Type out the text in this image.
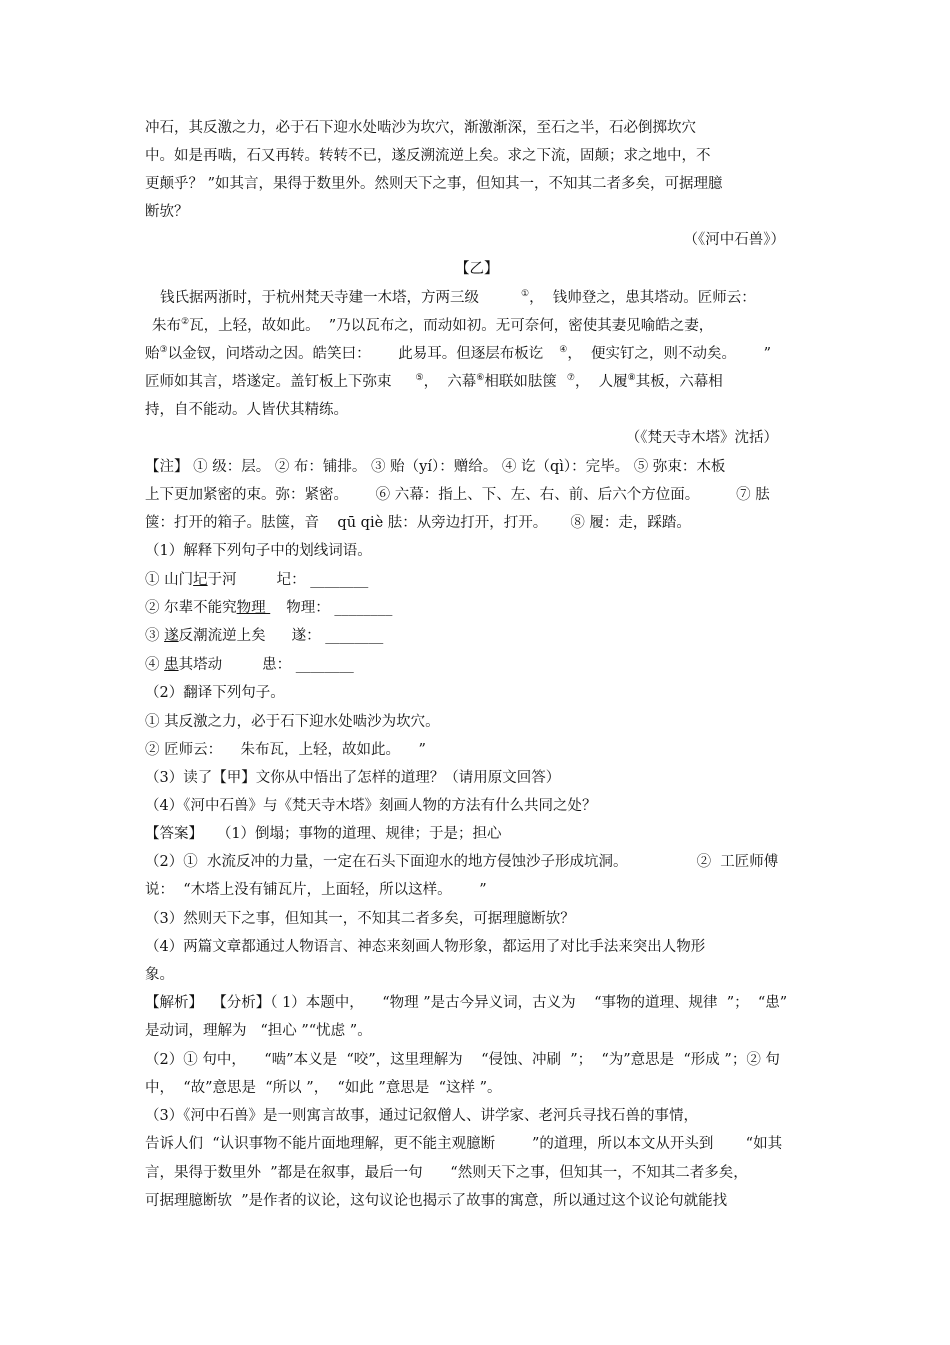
冲石，其反激之力，必于石下迎水处啮沙为坎穴，渐激渐深，至石之半，石必倒掷坎穴
中。如是再啮，石又再转。转转不已，遂反溯流逆上矣。求之下流，固颠；求之地中，不
更颠乎？ ”如其言，果得于数里外。然则天下之事，但知其一，不知其二者多矣，可据理臆
断欤？
（《河中石兽》）
【乙】
钱氏据两浙时，于杭州梵天寺建一木塔，方两三级	①，  钱帅登之，患其塔动。匠师云：
朱布②瓦，上轻，故如此。  ”乃以瓦布之，而动如初。无可奈何，密使其妻见喻皓之妻，
贻③以金钗，问塔动之因。皓笑曰：      此易耳。但逐层布板讫 ④，  便实钉之，则不动矣。      ”
匠师如其言，塔遂定。盖钉板上下弥束	⑤，  六幕⑥相联如胠箧 ⑦，  人履⑧其板，六幕相
持，自不能动。人皆伏其精练。
（《梵天寺木塔》沈括）
【注】 ① 级：层。 ② 布：铺排。 ③ 贻（yí）：赠给。 ④ 讫（qì）：完毕。 ⑤ 弥束：木板
上下更加紧密的束。弥：紧密。      ⑥ 六幕：指上、下、左、右、前、后六个方位面。        ⑦ 胠
箧：打开的箱子。胠箧，音    qū qiè 胠：从旁边打开，打开。     ⑧ 履：走，踩踏。
（1）解释下列句子中的划线词语。
① 山门圮于河	圮： ________
② 尔辈不能究物理 物理： ________
③ 遂反潮流逆上矣 遂： ________
④ 患其塔动	患： ________
（2）翻译下列句子。
① 其反激之力，必于石下迎水处啮沙为坎穴。
② 匠师云：    朱布瓦，上轻，故如此。    ”
（3）读了【甲】文你从中悟出了怎样的道理？（请用原文回答）
（4）《河中石兽》与《梵天寺木塔》刻画人物的方法有什么共同之处？
【答案】   （1）倒塌；事物的道理、规律；于是；担心
（2）①  水流反冲的力量，一定在石头下面迎水的地方侵蚀沙子形成坑洞。               ②  工匠师傅
说：  “木塔上没有铺瓦片，上面轻，所以这样。      ”
（3）然则天下之事，但知其一，不知其二者多矣，可据理臆断欤？
（4）两篇文章都通过人物语言、神态来刻画人物形象，都运用了对比手法来突出人物形
象。
【解析】  【分析】（ 1）本题中，    “物理 ”是古今异义词，古义为    “事物的道理、规律  ”；  “患”
是动词，理解为   “担心 ”“忧虑 ”。
（2）① 句中，    “啮”本义是  “咬”，这里理解为    “侵蚀、冲刷  ”；  “为”意思是  “形成 ”；② 句
中，  “故”意思是  “所以 ”，  “如此 ”意思是  “这样 ”。
（3）《河中石兽》是一则寓言故事，通过记叙僧人、讲学家、老河兵寻找石兽的事情，
告诉人们  “认识事物不能片面地理解，更不能主观臆断        ”的道理，所以本文从开头到       “如其
言，果得于数里外  ”都是在叙事，最后一句      “然则天下之事，但知其一，不知其二者多矣，
可据理臆断欤  ”是作者的议论，这句议论也揭示了故事的寓意，所以通过这个议论句就能找
